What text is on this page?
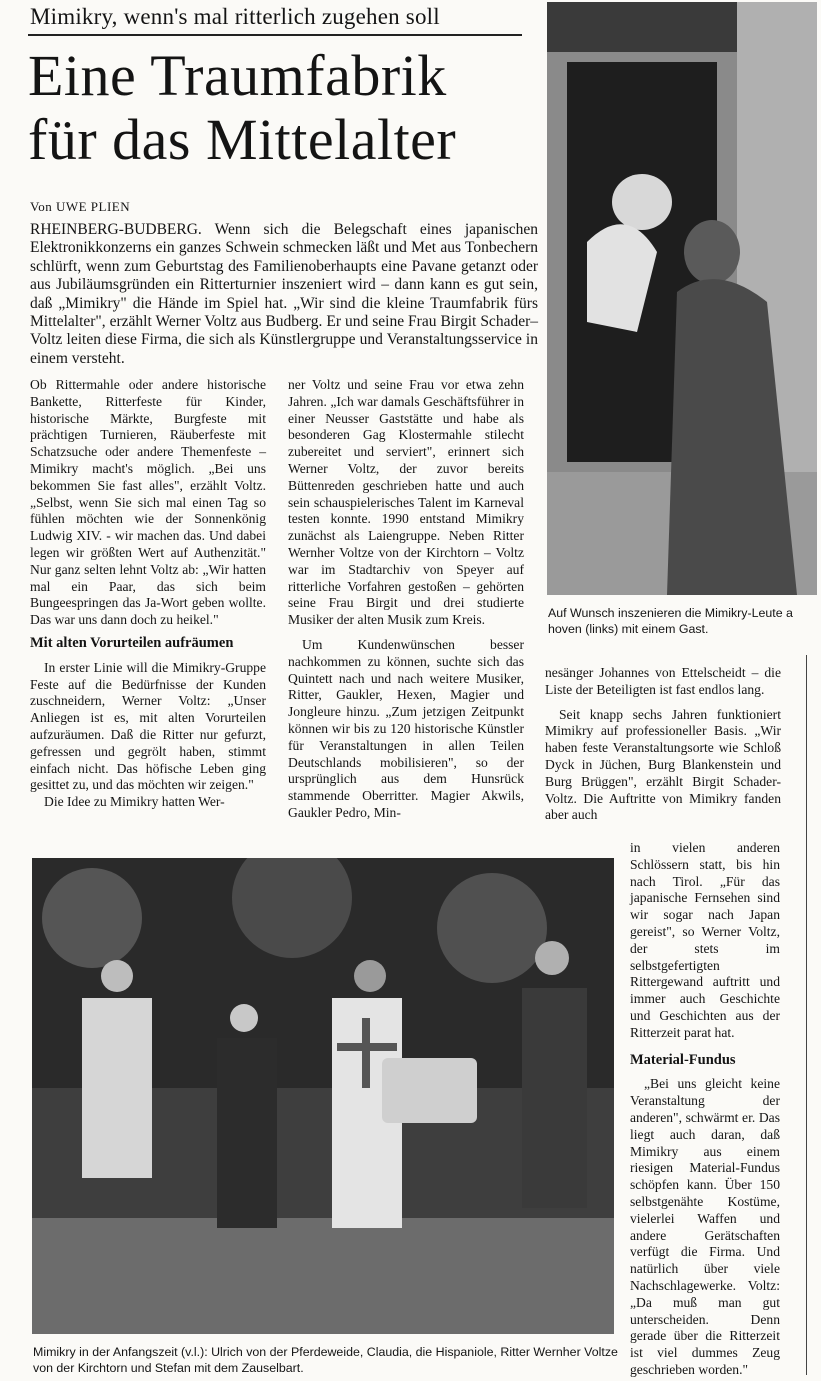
Mimikry, wenn's mal ritterlich zugehen soll
Eine Traumfabrik
für das Mittelalter
Von UWE PLIEN
RHEINBERG-BUDBERG. Wenn sich die Belegschaft eines japanischen Elektronikkonzerns ein ganzes Schwein schmecken läßt und Met aus Tonbechern schlürft, wenn zum Geburtstag des Familienoberhaupts eine Pavane getanzt oder aus Jubiläumsgründen ein Ritterturnier inszeniert wird – dann kann es gut sein, daß „Mimikry" die Hände im Spiel hat. „Wir sind die kleine Traumfabrik fürs Mittelalter", erzählt Werner Voltz aus Budberg. Er und seine Frau Birgit Schader–Voltz leiten diese Firma, die sich als Künstlergruppe und Veranstaltungsservice in einem versteht.
Auf Wunsch inszenieren die Mimikry-Leute a hoven (links) mit einem Gast.

Ob Rittermahle oder andere historische Bankette, Ritterfeste für Kinder, historische Märkte, Burgfeste mit prächtigen Turnieren, Räuberfeste mit Schatzsuche oder andere Themenfeste – Mimikry macht's möglich. „Bei uns bekommen Sie fast alles", erzählt Voltz. „Selbst, wenn Sie sich mal einen Tag so fühlen möchten wie der Sonnenkönig Ludwig XIV. - wir machen das. Und dabei legen wir größten Wert auf Authenzität." Nur ganz selten lehnt Voltz ab: „Wir hatten mal ein Paar, das sich beim Bungeespringen das Ja-Wort geben wollte. Das war uns dann doch zu heikel."

Mit alten Vorurteilen aufräumen

In erster Linie will die Mimikry-Gruppe Feste auf die Bedürfnisse der Kunden zuschneidern, Werner Voltz: „Unser Anliegen ist es, mit alten Vorurteilen aufzuräumen. Daß die Ritter nur gefurzt, gefressen und gegrölt haben, stimmt einfach nicht. Das höfische Leben ging gesittet zu, und das möchten wir zeigen."

Die Idee zu Mimikry hatten Wer-

ner Voltz und seine Frau vor etwa zehn Jahren. „Ich war damals Geschäftsführer in einer Neusser Gaststätte und habe als besonderen Gag Klostermahle stilecht zubereitet und serviert", erinnert sich Werner Voltz, der zuvor bereits Büttenreden geschrieben hatte und auch sein schauspielerisches Talent im Karneval testen konnte. 1990 entstand Mimikry zunächst als Laiengruppe. Neben Ritter Wernher Voltze von der Kirchtorn – Voltz war im Stadtarchiv von Speyer auf ritterliche Vorfahren gestoßen – gehörten seine Frau Birgit und drei studierte Musiker der alten Musik zum Kreis.

Um Kundenwünschen besser nachkommen zu können, suchte sich das Quintett nach und nach weitere Musiker, Ritter, Gaukler, Hexen, Magier und Jongleure hinzu. „Zum jetzigen Zeitpunkt können wir bis zu 120 historische Künstler für Veranstaltungen in allen Teilen Deutschlands mobilisieren", so der ursprünglich aus dem Hunsrück stammende Oberritter. Magier Akwils, Gaukler Pedro, Min-

nesänger Johannes von Ettelscheidt – die Liste der Beteiligten ist fast endlos lang.

Seit knapp sechs Jahren funktioniert Mimikry auf professioneller Basis. „Wir haben feste Veranstaltungsorte wie Schloß Dyck in Jüchen, Burg Blankenstein und Burg Brüggen", erzählt Birgit Schader-Voltz. Die Auftritte von Mimikry fanden aber auch

Mimikry in der Anfangszeit (v.l.): Ulrich von der Pferdeweide, Claudia, die Hispaniole, Ritter Wernher Voltze von der Kirchtorn und Stefan mit dem Zauselbart.

in vielen anderen Schlössern statt, bis hin nach Tirol. „Für das japanische Fernsehen sind wir sogar nach Japan gereist", so Werner Voltz, der stets im selbstgefertigten Rittergewand auftritt und immer auch Geschichte und Geschichten aus der Ritterzeit parat hat.

Material-Fundus

„Bei uns gleicht keine Veranstaltung der anderen", schwärmt er. Das liegt auch daran, daß Mimikry aus einem riesigen Material-Fundus schöpfen kann. Über 150 selbstgenähte Kostüme, vielerlei Waffen und andere Gerätschaften verfügt die Firma. Und natürlich über viele Nachschlagewerke. Voltz: „Da muß man gut unterscheiden. Denn gerade über die Ritterzeit ist viel dummes Zeug geschrieben worden."
